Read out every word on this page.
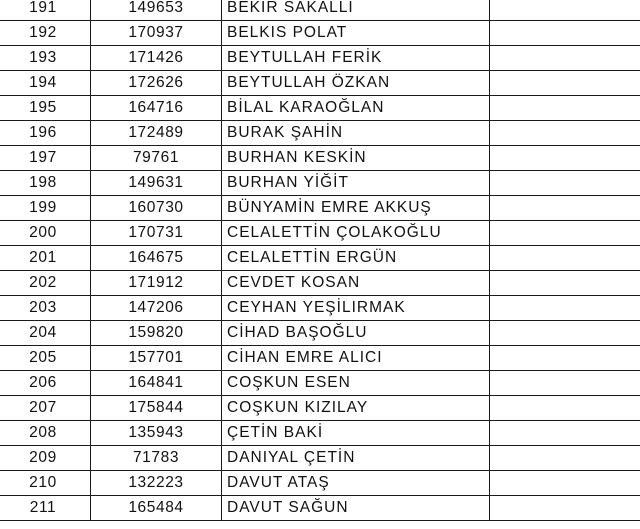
191	149653	BEKİR SAKALLI	
192	170937	BELKIS POLAT	
193	171426	BEYTULLAH FERİK	
194	172626	BEYTULLAH ÖZKAN	
195	164716	BİLAL KARAOĞLAN	
196	172489	BURAK ŞAHİN	
197	79761	BURHAN KESKİN	
198	149631	BURHAN YİĞİT	
199	160730	BÜNYAMİN EMRE AKKUŞ	
200	170731	CELALETTİN ÇOLAKOĞLU	
201	164675	CELALETTİN ERGÜN	
202	171912	CEVDET KOSAN	
203	147206	CEYHAN YEŞİLIRMAK	
204	159820	CİHAD BAŞOĞLU	
205	157701	CİHAN EMRE ALICI	
206	164841	COŞKUN ESEN	
207	175844	COŞKUN KIZILAY	
208	135943	ÇETİN BAKİ	
209	71783	DANIYAL ÇETİN	
210	132223	DAVUT ATAŞ	
211	165484	DAVUT SAĞUN	
